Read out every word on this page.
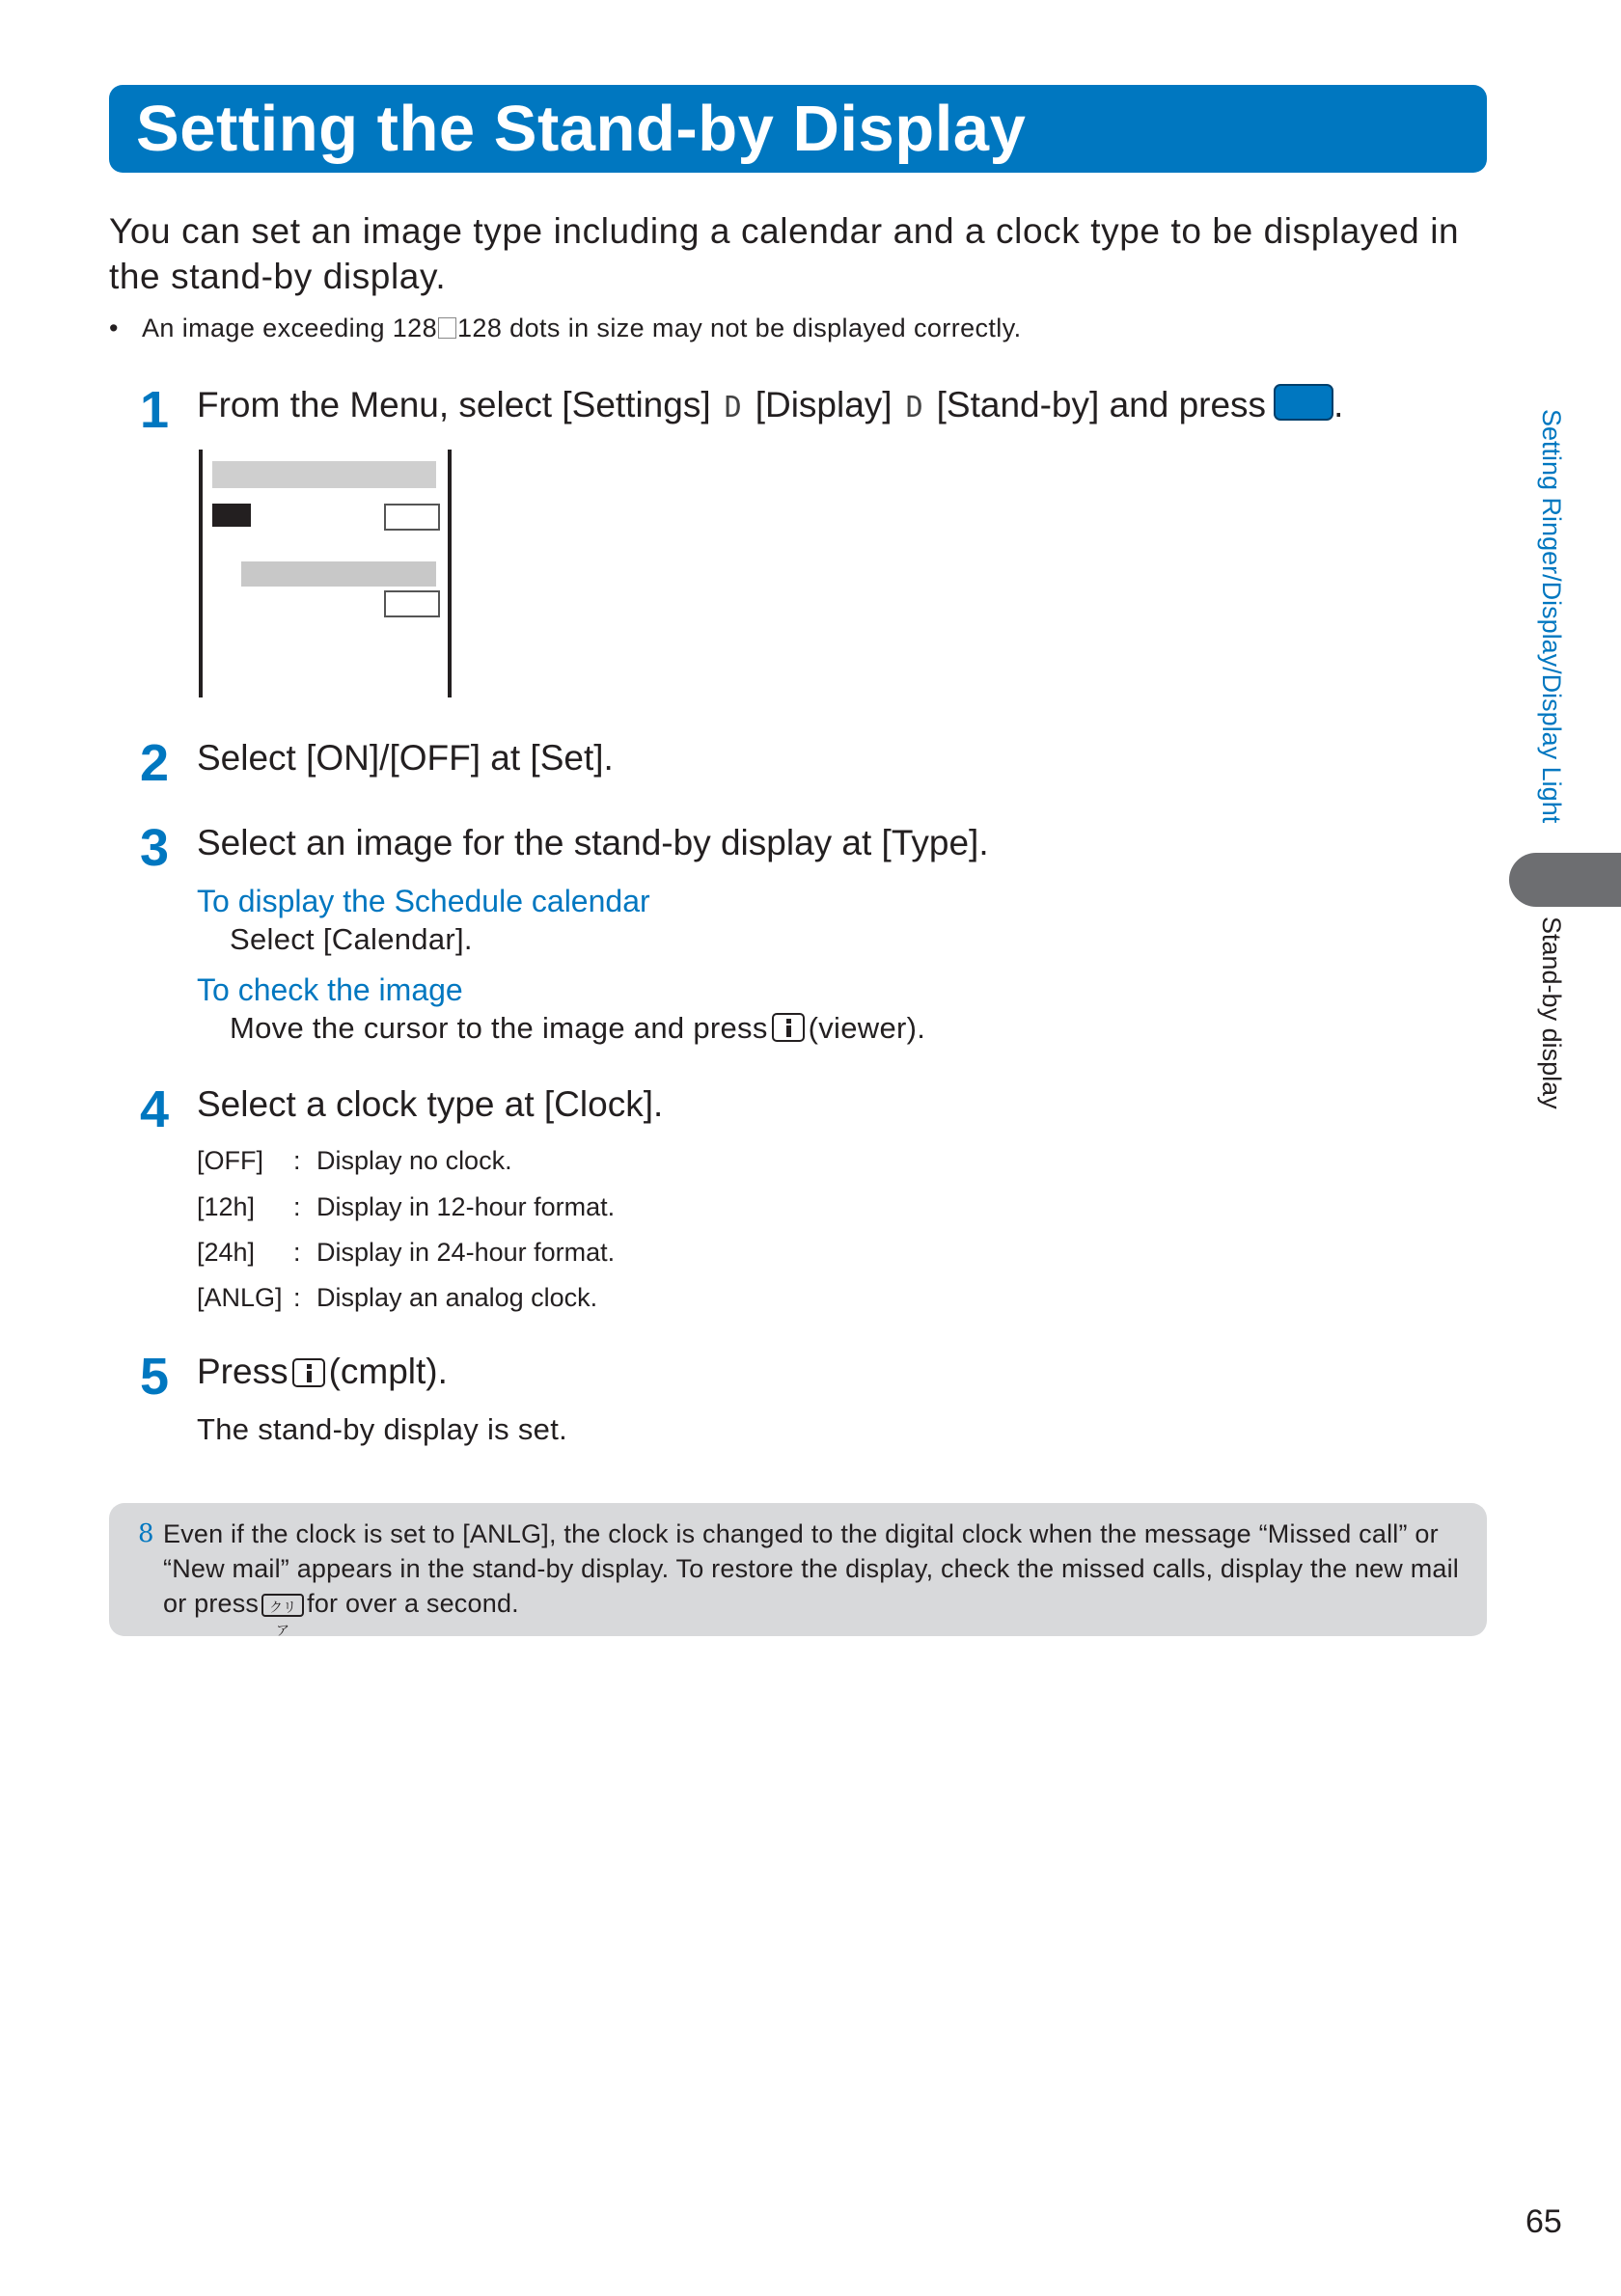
Setting the Stand-by Display
You can set an image type including a calendar and a clock type to be displayed in the stand-by display.
• An image exceeding 128 128 dots in size may not be displayed correctly.
1 From the Menu, select [Settings] D [Display] D [Stand-by] and press .
2 Select [ON]/[OFF] at [Set].
3 Select an image for the stand-by display at [Type].
To display the Schedule calendar
Select [Calendar].
To check the image
Move the cursor to the image and press (viewer).
4 Select a clock type at [Clock].
[OFF] : Display no clock.
[12h] : Display in 12-hour format.
[24h] : Display in 24-hour format.
[ANLG] : Display an analog clock.
5 Press (cmplt).
The stand-by display is set.
8 Even if the clock is set to [ANLG], the clock is changed to the digital clock when the message “Missed call” or “New mail” appears in the stand-by display. To restore the display, check the missed calls, display the new mail or press クリアfor over a second.
Setting Ringer/Display/Display Light
Stand-by display
65
